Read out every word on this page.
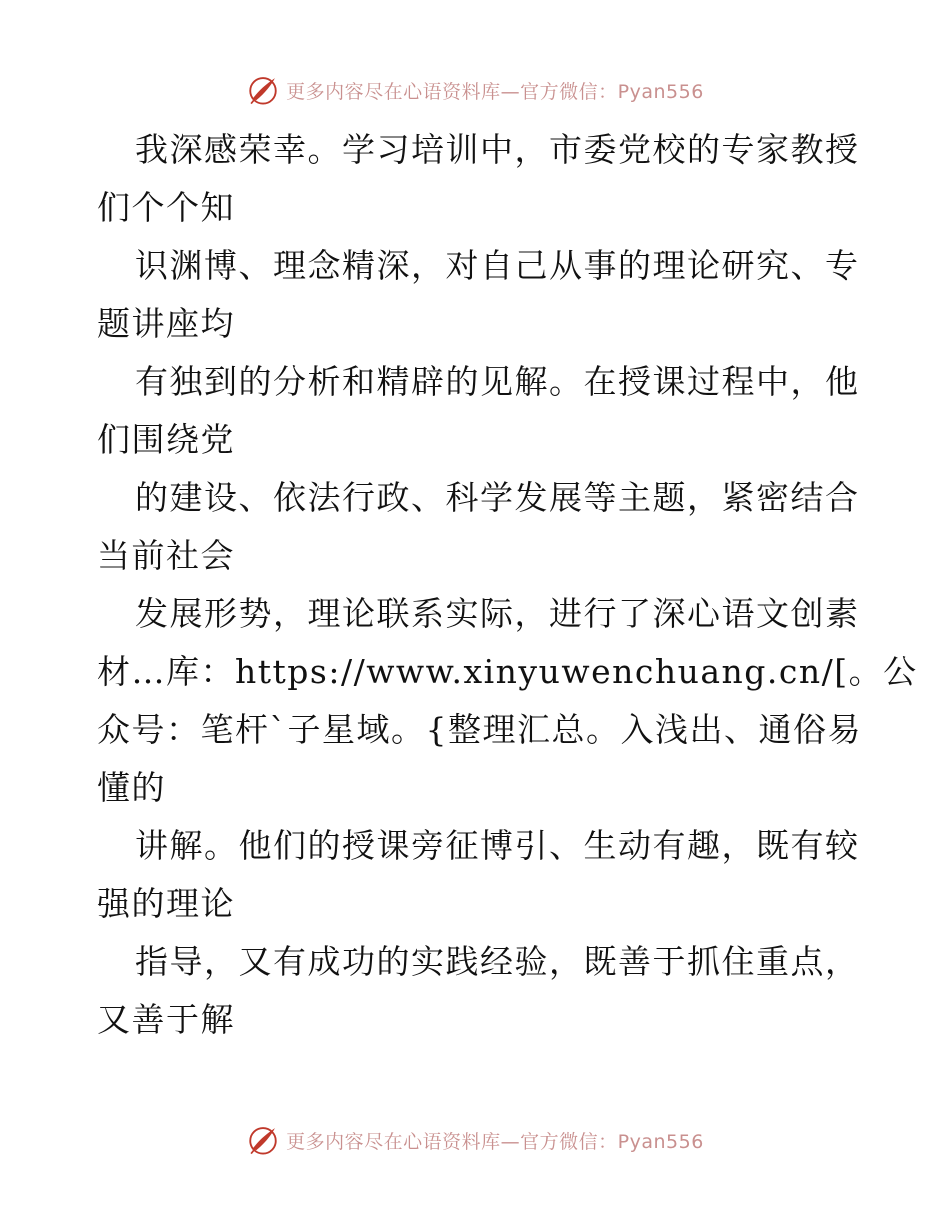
更多内容尽在心语资料库—官方微信：Pyan556
我深感荣幸。学习培训中，市委党校的专家教授
们个个知
识渊博、理念精深，对自己从事的理论研究、专
题讲座均
有独到的分析和精辟的见解。在授课过程中，他
们围绕党
的建设、依法行政、科学发展等主题，紧密结合
当前社会
发展形势，理论联系实际，进行了深心语文创素
材…库：https://www.xinyuwenchuang.cn/[。公
众号：笔杆`子星域。{整理汇总。入浅出、通俗易
懂的
讲解。他们的授课旁征博引、生动有趣，既有较
强的理论
指导，又有成功的实践经验，既善于抓住重点，
又善于解
更多内容尽在心语资料库—官方微信：Pyan556
